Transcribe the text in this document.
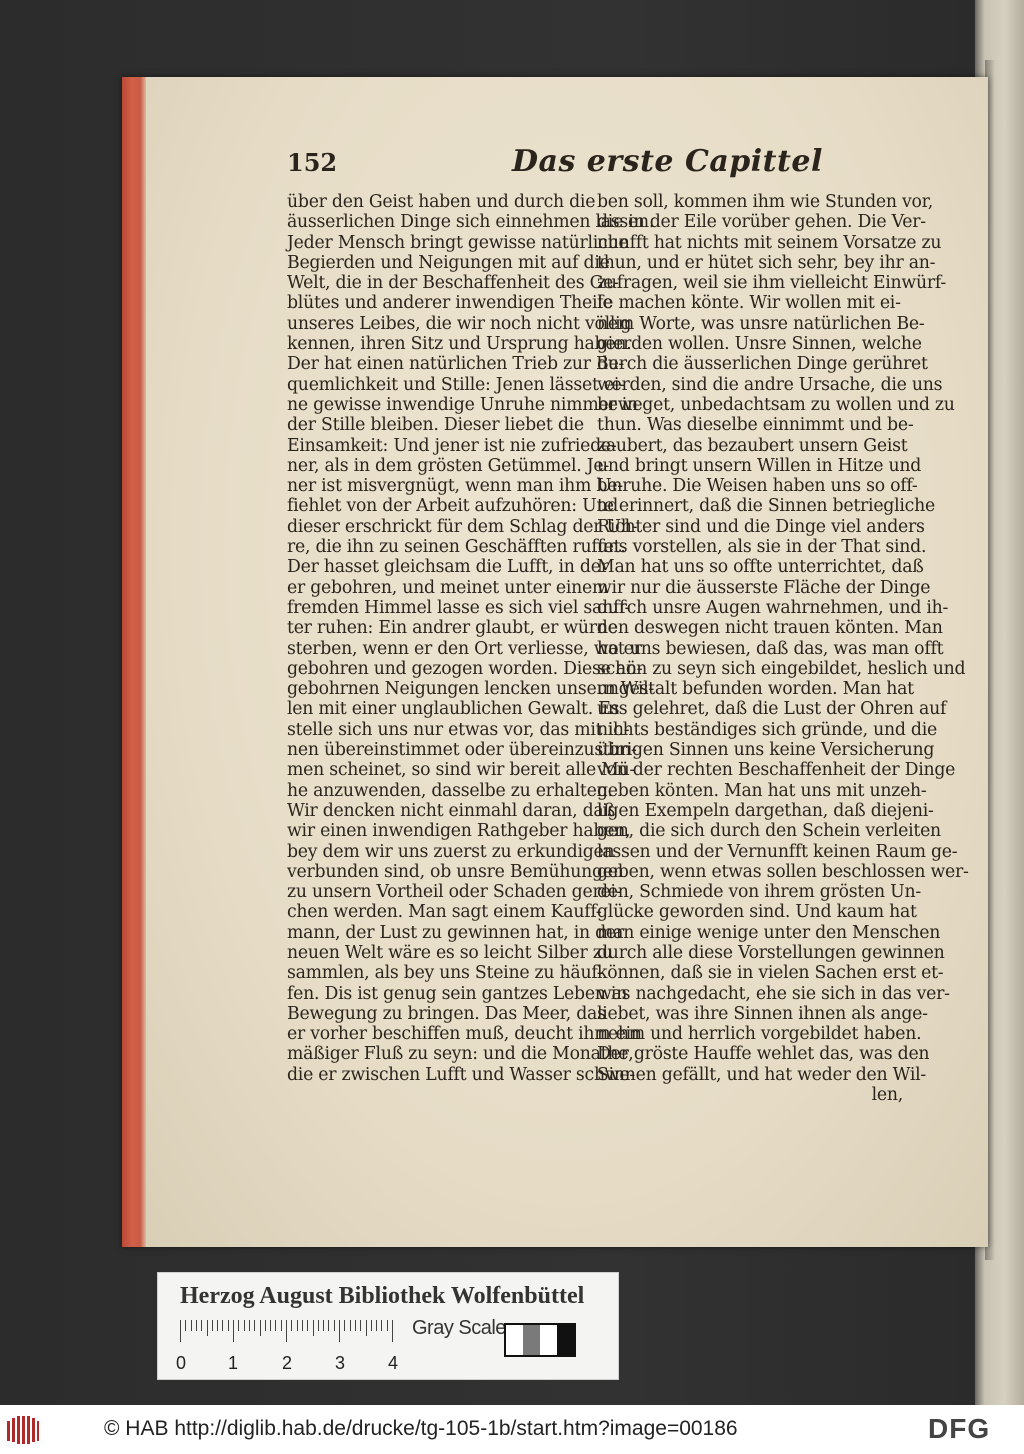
152	Das erste Capittel
über den Geist haben und durch die
äusserlichen Dinge sich einnehmen lassen.
Jeder Mensch bringt gewisse natürliche
Begierden und Neigungen mit auf die
Welt, die in der Beschaffenheit des Ge-
blütes und anderer inwendigen Theile
unseres Leibes, die wir noch nicht völlig
kennen, ihren Sitz und Ursprung haben.
Der hat einen natürlichen Trieb zur Be-
quemlichkeit und Stille: Jenen lässet ei-
ne gewisse inwendige Unruhe nimmer in
der Stille bleiben. Dieser liebet die
Einsamkeit: Und jener ist nie zufriede-
ner, als in dem grösten Getümmel. Je-
ner ist misvergnügt, wenn man ihm be-
fiehlet von der Arbeit aufzuhören: Und
dieser erschrickt für dem Schlag der Uh-
re, die ihn zu seinen Geschäfften ruffet.
Der hasset gleichsam die Lufft, in der
er gebohren, und meinet unter einem
fremden Himmel lasse es sich viel sanff-
ter ruhen: Ein andrer glaubt, er würde
sterben, wenn er den Ort verliesse, wo er
gebohren und gezogen worden. Diese an-
gebohrnen Neigungen lencken unsern Wil-
len mit einer unglaublichen Gewalt. Es
stelle sich uns nur etwas vor, das mit ih-
nen übereinstimmet oder übereinzustim-
men scheinet, so sind wir bereit alle Mü-
he anzuwenden, dasselbe zu erhalten.
Wir dencken nicht einmahl daran, daß
wir einen inwendigen Rathgeber haben,
bey dem wir uns zuerst zu erkundigen
verbunden sind, ob unsre Bemühungen
zu unsern Vortheil oder Schaden gerei-
chen werden. Man sagt einem Kauff-
mann, der Lust zu gewinnen hat, in der
neuen Welt wäre es so leicht Silber zu
sammlen, als bey uns Steine zu häuf-
fen. Dis ist genug sein gantzes Leben in
Bewegung zu bringen. Das Meer, das
er vorher beschiffen muß, deucht ihm ein
mäßiger Fluß zu seyn: und die Monathe,
die er zwischen Lufft und Wasser schwe-
ben soll, kommen ihm wie Stunden vor,
die in der Eile vorüber gehen. Die Ver-
nunfft hat nichts mit seinem Vorsatze zu
thun, und er hütet sich sehr, bey ihr an-
zufragen, weil sie ihm vielleicht Einwürf-
fe machen könte. Wir wollen mit ei-
nem Worte, was unsre natürlichen Be-
gierden wollen. Unsre Sinnen, welche
durch die äusserlichen Dinge gerühret
werden, sind die andre Ursache, die uns
beweget, unbedachtsam zu wollen und zu
thun. Was dieselbe einnimmt und be-
zaubert, das bezaubert unsern Geist
und bringt unsern Willen in Hitze und
Unruhe. Die Weisen haben uns so off-
te erinnert, daß die Sinnen betriegliche
Richter sind und die Dinge viel anders
uns vorstellen, als sie in der That sind.
Man hat uns so offte unterrichtet, daß
wir nur die äusserste Fläche der Dinge
durch unsre Augen wahrnehmen, und ih-
nen deswegen nicht trauen könten. Man
hat uns bewiesen, daß das, was man offt
schön zu seyn sich eingebildet, heslich und
ungestalt befunden worden. Man hat
uns gelehret, daß die Lust der Ohren auf
nichts beständiges sich gründe, und die
übrigen Sinnen uns keine Versicherung
von der rechten Beschaffenheit der Dinge
geben könten. Man hat uns mit unzeh-
ligen Exempeln dargethan, daß diejeni-
gen, die sich durch den Schein verleiten
lassen und der Vernunfft keinen Raum ge-
geben, wenn etwas sollen beschlossen wer-
den, Schmiede von ihrem grösten Un-
glücke geworden sind. Und kaum hat
man einige wenige unter den Menschen
durch alle diese Vorstellungen gewinnen
können, daß sie in vielen Sachen erst et-
was nachgedacht, ehe sie sich in das ver-
liebet, was ihre Sinnen ihnen als ange-
nehm und herrlich vorgebildet haben.
Der gröste Hauffe wehlet das, was den
Sinnen gefällt, und hat weder den Wil-
len,
Herzog August Bibliothek Wolfenbüttel
0 1 2 3 4
Gray Scale
© HAB http://diglib.hab.de/drucke/tg-105-1b/start.htm?image=00186	DFG
